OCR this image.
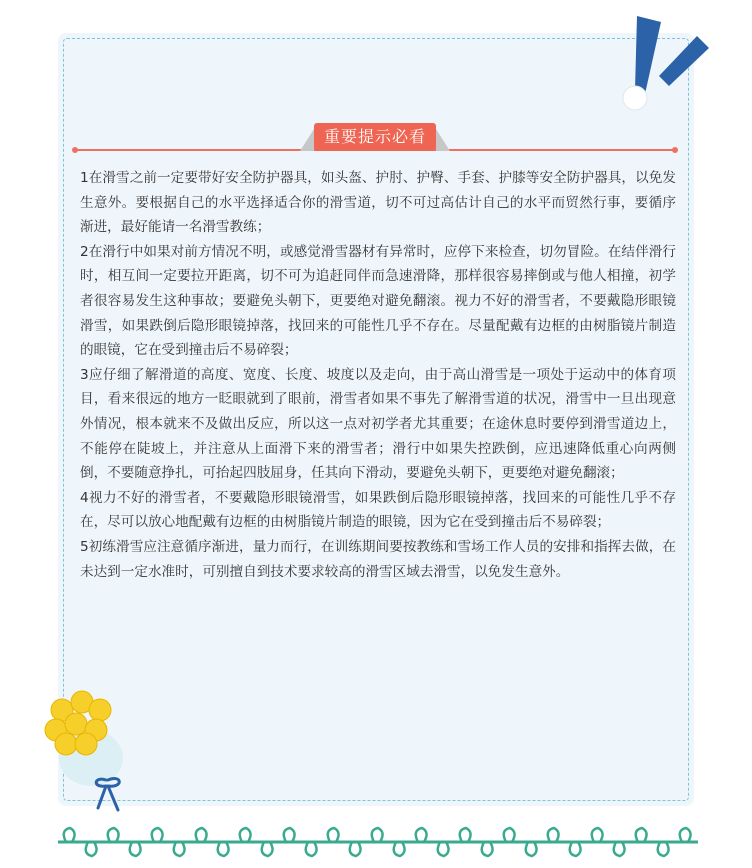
重要提示必看

1在滑雪之前一定要带好安全防护器具，如头盔、护肘、护臀、手套、护膝等安全防护器具，以免发生意外。要根据自己的水平选择适合你的滑雪道，切不可过高估计自己的水平而贸然行事，要循序渐进，最好能请一名滑雪教练；

2在滑行中如果对前方情况不明，或感觉滑雪器材有异常时，应停下来检查，切勿冒险。在结伴滑行时，相互间一定要拉开距离，切不可为追赶同伴而急速滑降，那样很容易摔倒或与他人相撞，初学者很容易发生这种事故；要避免头朝下，更要绝对避免翻滚。视力不好的滑雪者，不要戴隐形眼镜滑雪，如果跌倒后隐形眼镜掉落，找回来的可能性几乎不存在。尽量配戴有边框的由树脂镜片制造的眼镜，它在受到撞击后不易碎裂；

3应仔细了解滑道的高度、宽度、长度、坡度以及走向，由于高山滑雪是一项处于运动中的体育项目，看来很远的地方一眨眼就到了眼前，滑雪者如果不事先了解滑雪道的状况，滑雪中一旦出现意外情况，根本就来不及做出反应，所以这一点对初学者尤其重要；在途休息时要停到滑雪道边上，不能停在陡坡上，并注意从上面滑下来的滑雪者；滑行中如果失控跌倒，应迅速降低重心向两侧倒，不要随意挣扎，可抬起四肢屈身，任其向下滑动，要避免头朝下，更要绝对避免翻滚；

4视力不好的滑雪者，不要戴隐形眼镜滑雪，如果跌倒后隐形眼镜掉落，找回来的可能性几乎不存在，尽可以放心地配戴有边框的由树脂镜片制造的眼镜，因为它在受到撞击后不易碎裂；

5初练滑雪应注意循序渐进，量力而行，在训练期间要按教练和雪场工作人员的安排和指挥去做，在未达到一定水准时，可别擅自到技术要求较高的滑雪区域去滑雪，以免发生意外。
